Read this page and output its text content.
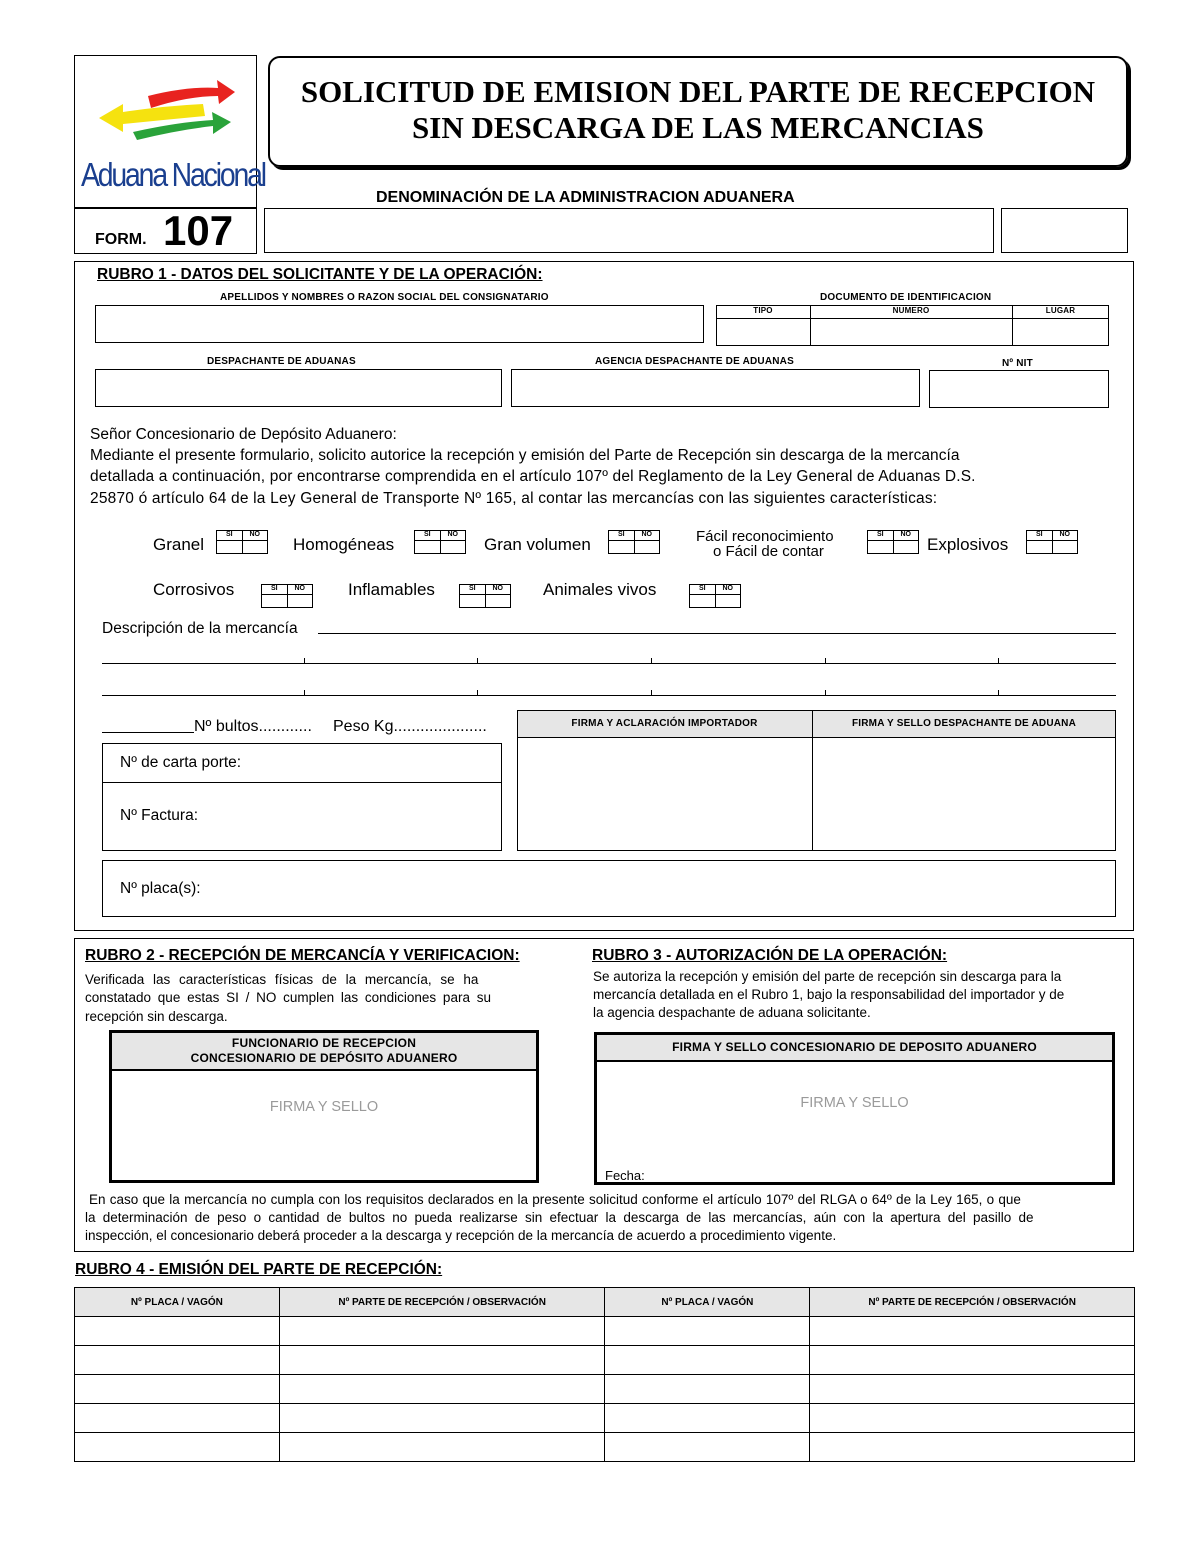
Aduana Nacional
FORM. 107
SOLICITUD DE EMISION DEL PARTE DE RECEPCION
SIN DESCARGA DE LAS MERCANCIAS
DENOMINACIÓN DE LA ADMINISTRACION ADUANERA
RUBRO 1 - DATOS DEL SOLICITANTE Y DE LA OPERACIÓN:
APELLIDOS Y NOMBRES O RAZON SOCIAL DEL CONSIGNATARIO	DOCUMENTO DE IDENTIFICACION
TIPO	NUMERO	LUGAR
DESPACHANTE DE ADUANAS	AGENCIA DESPACHANTE DE ADUANAS	Nº NIT
Señor Concesionario de Depósito Aduanero:
Mediante el presente formulario, solicito autorice la recepción y emisión del Parte de Recepción sin descarga de la mercancía
detallada a continuación, por encontrarse comprendida en el artículo 107º del Reglamento de la Ley General de Aduanas D.S.
25870 ó artículo 64 de la Ley General de Transporte Nº 165, al contar las mercancías con las siguientes características:
Granel
SI	NO
Homogéneas
SI	NO
Gran volumen
SI	NO	Fácil reconocimiento
o Fácil de contar
SI	NO
Explosivos
SI	NO
Corrosivos	SI	NO	Inflamables	SI	NO	Animales vivos	SI	NO
Descripción de la mercancía
Nº bultos............ Peso Kg.....................
Nº de carta porte:
Nº Factura:
FIRMA Y ACLARACIÓN IMPORTADOR	FIRMA Y SELLO DESPACHANTE DE ADUANA
Nº placa(s):
RUBRO 2 - RECEPCIÓN DE MERCANCÍA Y VERIFICACION:
Verificada las características físicas de la mercancía, se ha
constatado que estas SI / NO cumplen las condiciones para su
recepción sin descarga.
FUNCIONARIO DE RECEPCION
CONCESIONARIO DE DEPÓSITO ADUANERO
FIRMA Y SELLO
RUBRO 3 - AUTORIZACIÓN DE LA OPERACIÓN:
Se autoriza la recepción y emisión del parte de recepción sin descarga para la
mercancía detallada en el Rubro 1, bajo la responsabilidad del importador y de
la agencia despachante de aduana solicitante.
FIRMA Y SELLO CONCESIONARIO DE DEPOSITO ADUANERO
FIRMA Y SELLO
Fecha:
En caso que la mercancía no cumpla con los requisitos declarados en la presente solicitud conforme el artículo 107º del RLGA o 64º de la Ley 165, o que
la determinación de peso o cantidad de bultos no pueda realizarse sin efectuar la descarga de las mercancías, aún con la apertura del pasillo de
inspección, el concesionario deberá proceder a la descarga y recepción de la mercancía de acuerdo a procedimiento vigente.
RUBRO 4 - EMISIÓN DEL PARTE DE RECEPCIÓN:
Nº PLACA / VAGÓN	Nº PARTE DE RECEPCIÓN / OBSERVACIÓN	Nº PLACA / VAGÓN	Nº PARTE DE RECEPCIÓN / OBSERVACIÓN
